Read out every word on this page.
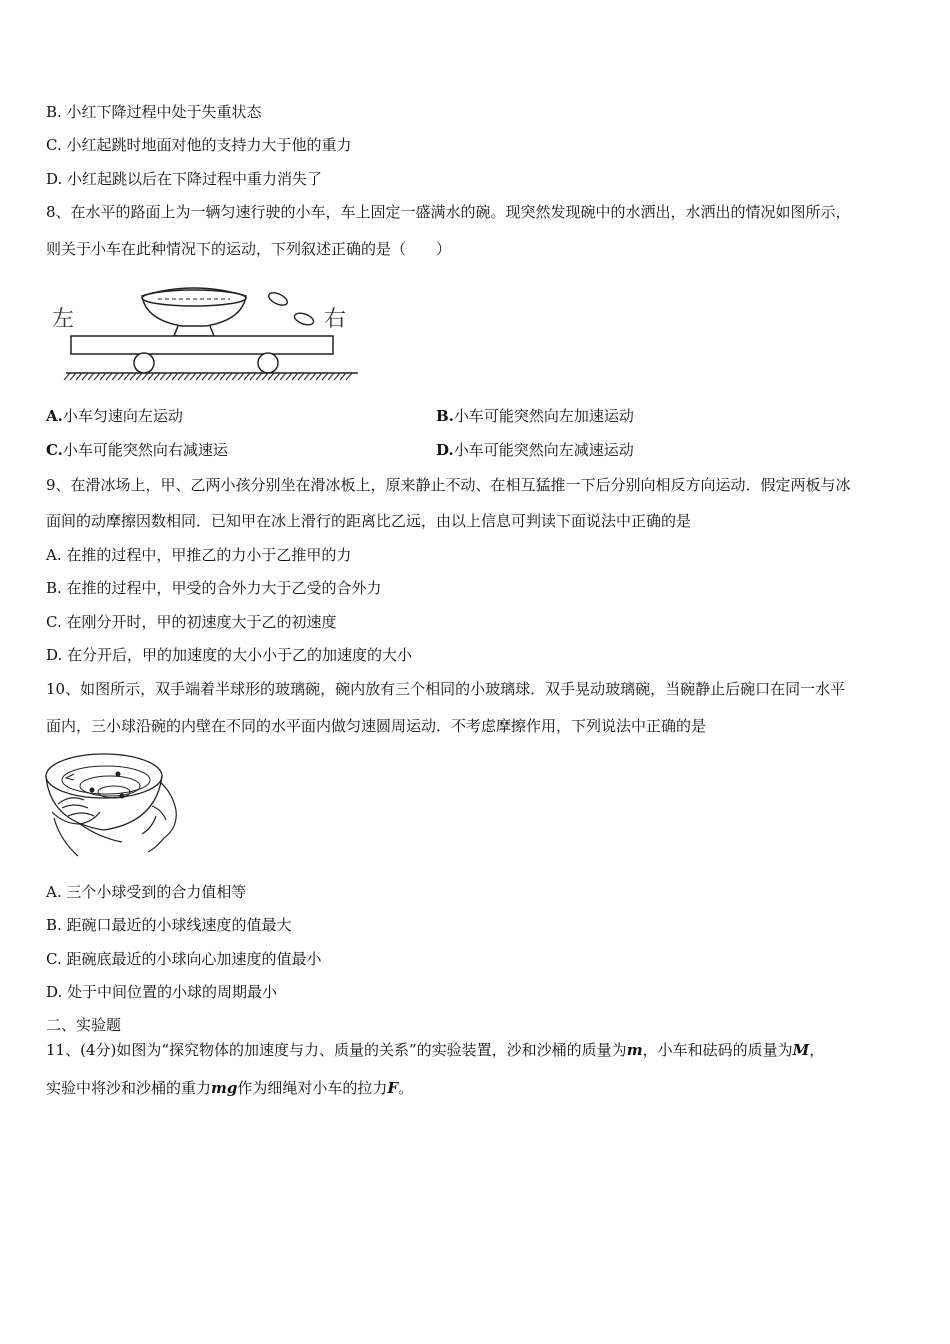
B. 小红下降过程中处于失重状态
C. 小红起跳时地面对他的支持力大于他的重力
D. 小红起跳以后在下降过程中重力消失了
8、在水平的路面上为一辆匀速行驶的小车，车上固定一盛满水的碗。现突然发现碗中的水洒出，水洒出的情况如图所示，
则关于小车在此种情况下的运动，下列叙述正确的是（　　）
左	右
A.小车匀速向左运动	B.小车可能突然向左加速运动
C.小车可能突然向右减速运	D.小车可能突然向左减速运动
9、在滑冰场上，甲、乙两小孩分别坐在滑冰板上，原来静止不动、在相互猛推一下后分别向相反方向运动．假定两板与冰
面间的动摩擦因数相同．已知甲在冰上滑行的距离比乙远，由以上信息可判读下面说法中正确的是
A. 在推的过程中，甲推乙的力小于乙推甲的力
B. 在推的过程中，甲受的合外力大于乙受的合外力
C. 在刚分开时，甲的初速度大于乙的初速度
D. 在分开后，甲的加速度的大小小于乙的加速度的大小
10、如图所示，双手端着半球形的玻璃碗，碗内放有三个相同的小玻璃球．双手晃动玻璃碗，当碗静止后碗口在同一水平
面内，三小球沿碗的内壁在不同的水平面内做匀速圆周运动．不考虑摩擦作用，下列说法中正确的是
A. 三个小球受到的合力值相等
B. 距碗口最近的小球线速度的值最大
C. 距碗底最近的小球向心加速度的值最小
D. 处于中间位置的小球的周期最小
二、实验题
11、(4分)如图为“探究物体的加速度与力、质量的关系”的实验装置，沙和沙桶的质量为m，小车和砝码的质量为M，
实验中将沙和沙桶的重力mg作为细绳对小车的拉力F。
